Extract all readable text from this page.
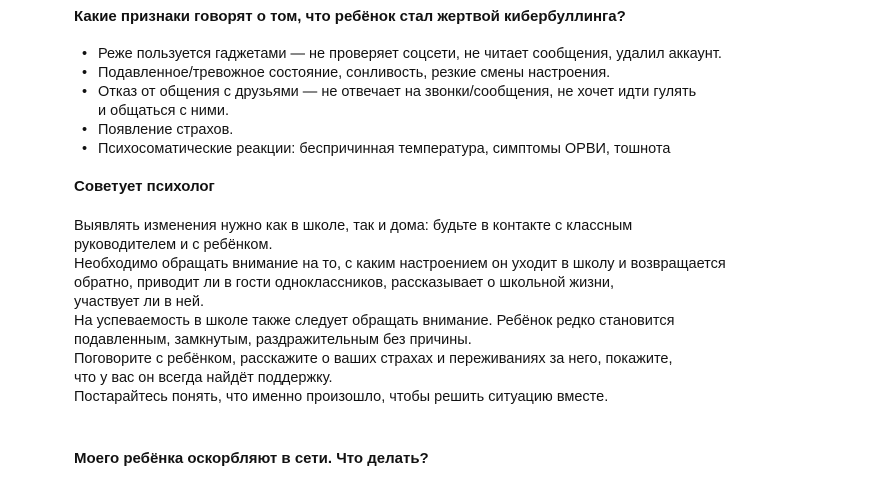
Какие признаки говорят о том, что ребёнок стал жертвой кибербуллинга?
• Реже пользуется гаджетами — не проверяет соцсети, не читает сообщения, удалил аккаунт.
• Подавленное/тревожное состояние, сонливость, резкие смены настроения.
• Отказ от общения с друзьями — не отвечает на звонки/сообщения, не хочет идти гулять
и общаться с ними.
• Появление страхов.
• Психосоматические реакции: беспричинная температура, симптомы ОРВИ, тошнота
Советует психолог
Выявлять изменения нужно как в школе, так и дома: будьте в контакте с классным
руководителем и с ребёнком.
Необходимо обращать внимание на то, с каким настроением он уходит в школу и возвращается
обратно, приводит ли в гости одноклассников, рассказывает о школьной жизни,
участвует ли в ней.
На успеваемость в школе также следует обращать внимание. Ребёнок редко становится
подавленным, замкнутым, раздражительным без причины.
Поговорите с ребёнком, расскажите о ваших страхах и переживаниях за него, покажите,
что у вас он всегда найдёт поддержку.
Постарайтесь понять, что именно произошло, чтобы решить ситуацию вместе.
Моего ребёнка оскорбляют в сети. Что делать?
